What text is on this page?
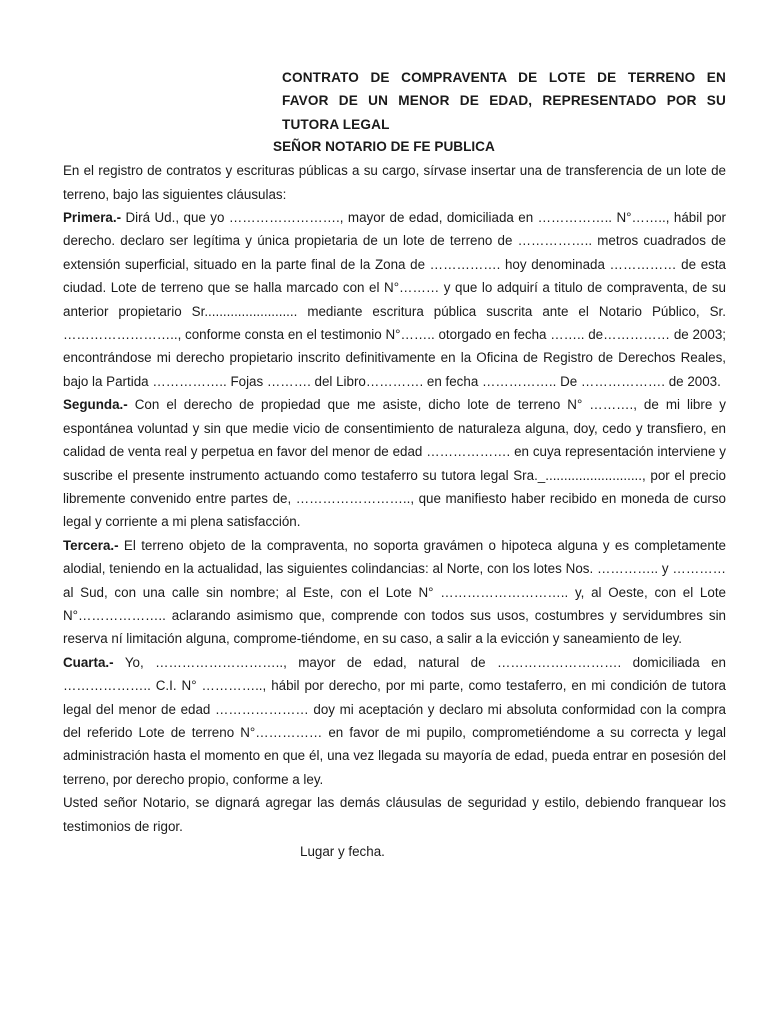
CONTRATO DE COMPRAVENTA DE LOTE DE TERRENO EN
FAVOR DE UN MENOR DE EDAD, REPRESENTADO POR SU
TUTORA LEGAL
SEÑOR NOTARIO DE FE PUBLICA

En el registro de contratos y escrituras públicas a su cargo, sírvase insertar una de transferencia de un lote de terreno, bajo las siguientes cláusulas:

Primera.- Dirá Ud., que yo ……………………., mayor de edad, domiciliada en …………….. N°…….., hábil por derecho. declaro ser legítima y única propietaria de un lote de terreno de …………….. metros cuadrados de extensión superficial, situado en la parte final de la Zona de ……………. hoy denominada …………… de esta ciudad. Lote de terreno que se halla marcado con el N°……… y que lo adquirí a titulo de compraventa, de su anterior propietario Sr......................... mediante escritura pública suscrita ante el Notario Público, Sr. …………………….., conforme consta en el testimonio N°…….. otorgado en fecha …….. de…………… de 2003; encontrándose mi derecho propietario inscrito definitivamente en la Oficina de Registro de Derechos Reales, bajo la Partida …………….. Fojas ………. del Libro…………. en fecha …………….. De ………………. de 2003.

Segunda.- Con el derecho de propiedad que me asiste, dicho lote de terreno N° ………., de mi libre y espontánea voluntad y sin que medie vicio de consentimiento de naturaleza alguna, doy, cedo y transfiero, en calidad de venta real y perpetua en favor del menor de edad ………………. en cuya representación interviene y suscribe el presente instrumento actuando como testaferro su tutora legal Sra._.........................., por el precio libremente convenido entre partes de, …………………….., que manifiesto haber recibido en moneda de curso legal y corriente a mi plena satisfacción.

Tercera.- El terreno objeto de la compraventa, no soporta gravámen o hipoteca alguna y es completamente alodial, teniendo en la actualidad, las siguientes colindancias: al Norte, con los lotes Nos. ………….. y ………… al Sud, con una calle sin nombre; al Este, con el Lote N° ……………………….. y, al Oeste, con el Lote N°……………….. aclarando asimismo que, comprende con todos sus usos, costumbres y servidumbres sin reserva ní limitación alguna, comprome-tiéndome, en su caso, a salir a la evicción y saneamiento de ley.

Cuarta.- Yo, ……………………….., mayor de edad, natural de ………………………. domiciliada en ……………….. C.I. N° ………….., hábil por derecho, por mi parte, como testaferro, en mi condición de tutora legal del menor de edad ………………… doy mi aceptación y declaro mi absoluta conformidad con la compra del referido Lote de terreno N°…………… en favor de mi pupilo, comprometiéndome a su correcta y legal administración hasta el momento en que él, una vez llegada su mayoría de edad, pueda entrar en posesión del terreno, por derecho propio, conforme a ley.

Usted señor Notario, se dignará agregar las demás cláusulas de seguridad y estilo, debiendo franquear los testimonios de rigor.

Lugar y fecha.
